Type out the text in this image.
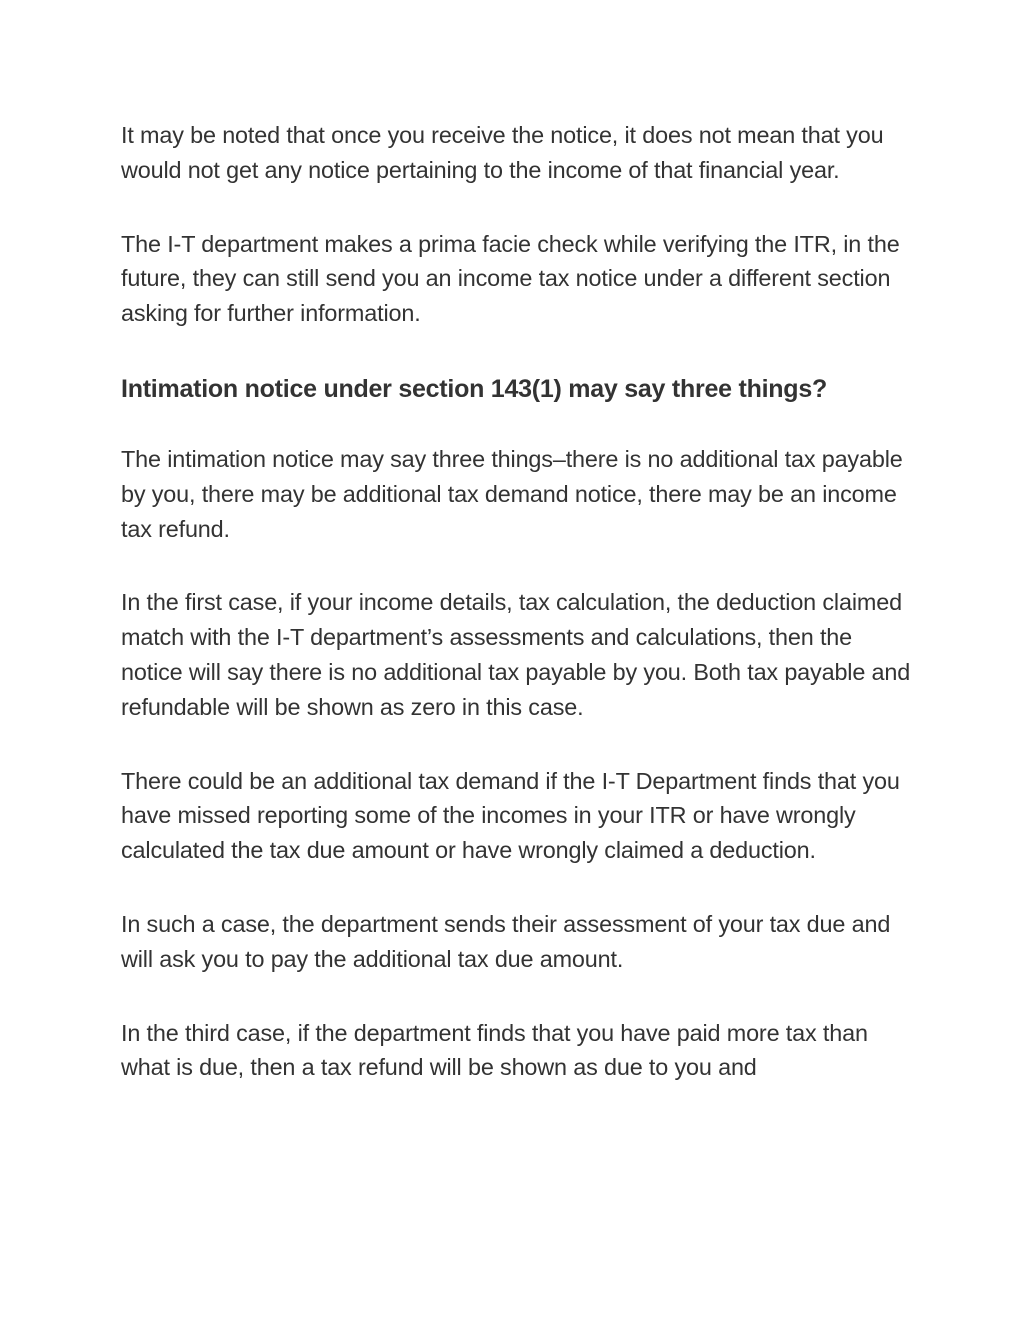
It may be noted that once you receive the notice, it does not mean that you would not get any notice pertaining to the income of that financial year.

The I-T department makes a prima facie check while verifying the ITR, in the future, they can still send you an income tax notice under a different section asking for further information.

Intimation notice under section 143(1) may say three things?

The intimation notice may say three things–there is no additional tax payable by you, there may be additional tax demand notice, there may be an income tax refund.

In the first case, if your income details, tax calculation, the deduction claimed match with the I-T department’s assessments and calculations, then the notice will say there is no additional tax payable by you. Both tax payable and refundable will be shown as zero in this case.

There could be an additional tax demand if the I-T Department finds that you have missed reporting some of the incomes in your ITR or have wrongly calculated the tax due amount or have wrongly claimed a deduction.

In such a case, the department sends their assessment of your tax due and will ask you to pay the additional tax due amount.

In the third case, if the department finds that you have paid more tax than what is due, then a tax refund will be shown as due to you and
